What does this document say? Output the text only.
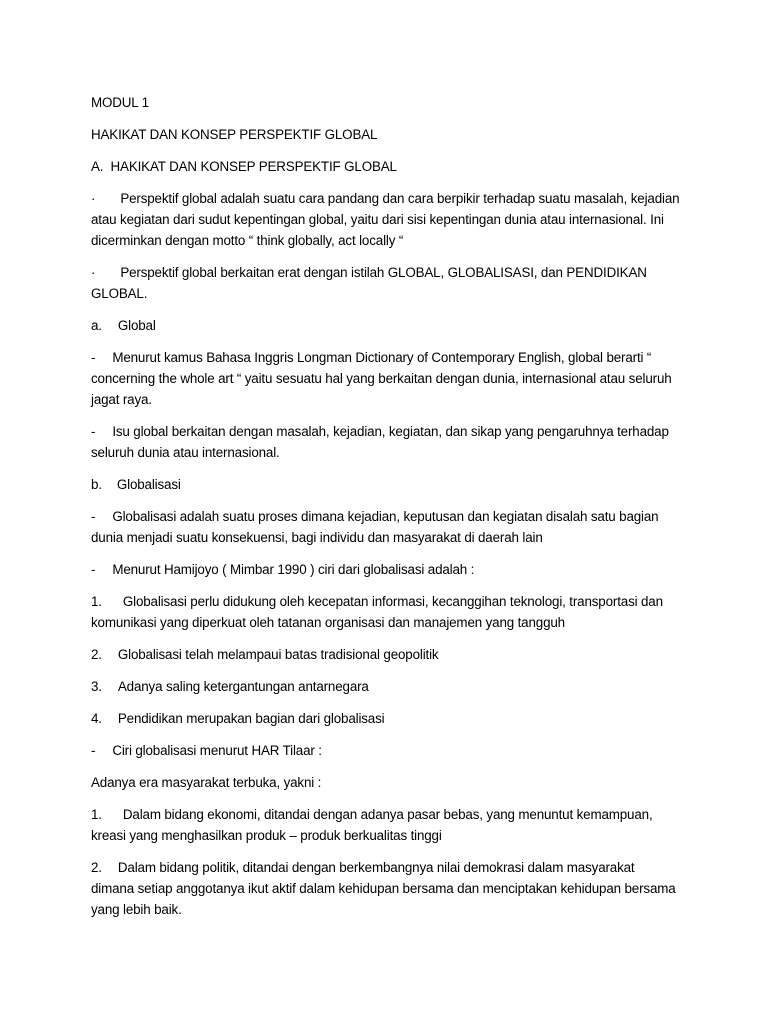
MODUL 1

HAKIKAT DAN KONSEP PERSPEKTIF GLOBAL

A. HAKIKAT DAN KONSEP PERSPEKTIF GLOBAL

· Perspektif global adalah suatu cara pandang dan cara berpikir terhadap suatu masalah, kejadian atau kegiatan dari sudut kepentingan global, yaitu dari sisi kepentingan dunia atau internasional. Ini dicerminkan dengan motto “ think globally, act locally “

· Perspektif global berkaitan erat dengan istilah GLOBAL, GLOBALISASI, dan PENDIDIKAN GLOBAL.

a. Global

- Menurut kamus Bahasa Inggris Longman Dictionary of Contemporary English, global berarti “ concerning the whole art “ yaitu sesuatu hal yang berkaitan dengan dunia, internasional atau seluruh jagat raya.

- Isu global berkaitan dengan masalah, kejadian, kegiatan, dan sikap yang pengaruhnya terhadap seluruh dunia atau internasional.

b. Globalisasi

- Globalisasi adalah suatu proses dimana kejadian, keputusan dan kegiatan disalah satu bagian dunia menjadi suatu konsekuensi, bagi individu dan masyarakat di daerah lain

- Menurut Hamijoyo ( Mimbar 1990 ) ciri dari globalisasi adalah :

1. Globalisasi perlu didukung oleh kecepatan informasi, kecanggihan teknologi, transportasi dan komunikasi yang diperkuat oleh tatanan organisasi dan manajemen yang tangguh

2. Globalisasi telah melampaui batas tradisional geopolitik

3. Adanya saling ketergantungan antarnegara

4. Pendidikan merupakan bagian dari globalisasi

- Ciri globalisasi menurut HAR Tilaar :

Adanya era masyarakat terbuka, yakni :

1. Dalam bidang ekonomi, ditandai dengan adanya pasar bebas, yang menuntut kemampuan, kreasi yang menghasilkan produk – produk berkualitas tinggi

2. Dalam bidang politik, ditandai dengan berkembangnya nilai demokrasi dalam masyarakat dimana setiap anggotanya ikut aktif dalam kehidupan bersama dan menciptakan kehidupan bersama yang lebih baik.
